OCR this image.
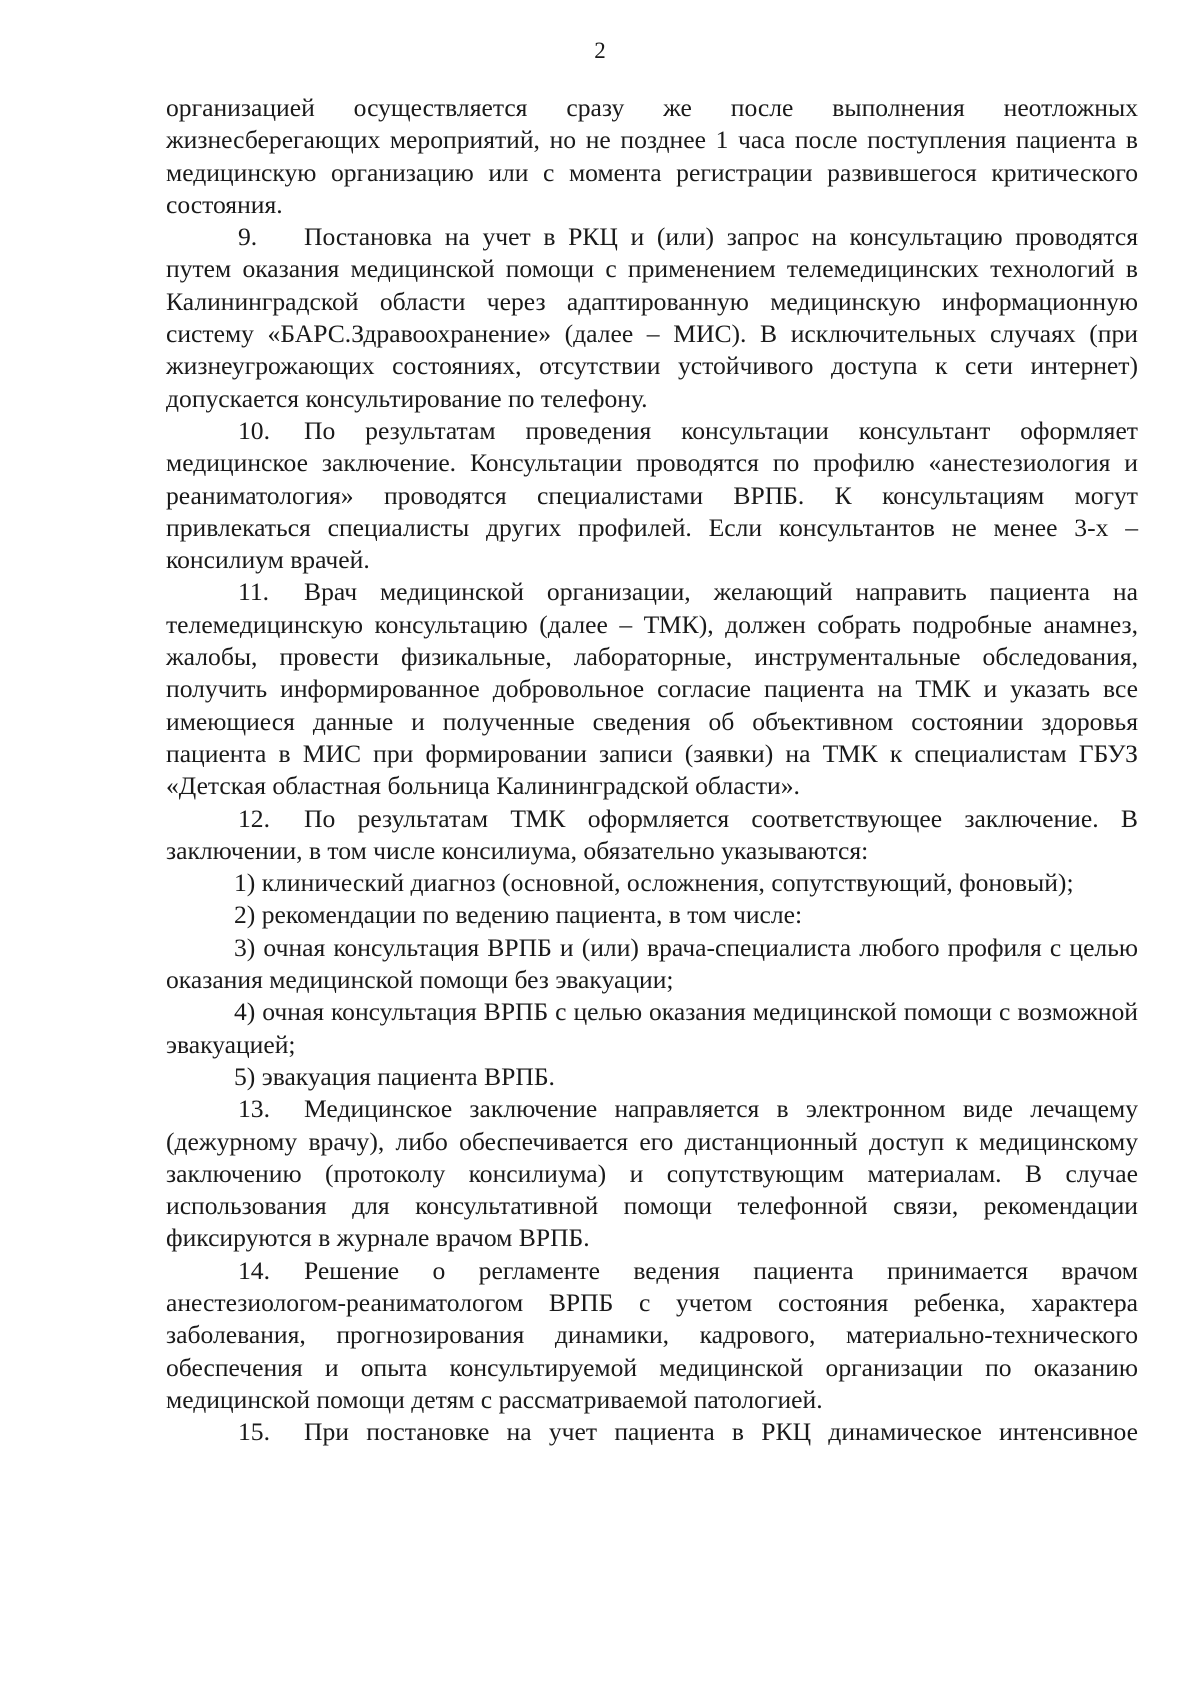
2

организацией осуществляется сразу же после выполнения неотложных жизнесберегающих мероприятий, но не позднее 1 часа после поступления пациента в медицинскую организацию или с момента регистрации развившегося критического состояния.

9. Постановка на учет в РКЦ и (или) запрос на консультацию проводятся путем оказания медицинской помощи с применением телемедицинских технологий в Калининградской области через адаптированную медицинскую информационную систему «БАРС.Здравоохранение» (далее – МИС). В исключительных случаях (при жизнеугрожающих состояниях, отсутствии устойчивого доступа к сети интернет) допускается консультирование по телефону.

10. По результатам проведения консультации консультант оформляет медицинское заключение. Консультации проводятся по профилю «анестезиология и реаниматология» проводятся специалистами ВРПБ. К консультациям могут привлекаться специалисты других профилей. Если консультантов не менее 3-х – консилиум врачей.

11. Врач медицинской организации, желающий направить пациента на телемедицинскую консультацию (далее – ТМК), должен собрать подробные анамнез, жалобы, провести физикальные, лабораторные, инструментальные обследования, получить информированное добровольное согласие пациента на ТМК и указать все имеющиеся данные и полученные сведения об объективном состоянии здоровья пациента в МИС при формировании записи (заявки) на ТМК к специалистам ГБУЗ «Детская областная больница Калининградской области».

12. По результатам ТМК оформляется соответствующее заключение. В заключении, в том числе консилиума, обязательно указываются:

1) клинический диагноз (основной, осложнения, сопутствующий, фоновый);

2) рекомендации по ведению пациента, в том числе:

3) очная консультация ВРПБ и (или) врача-специалиста любого профиля с целью оказания медицинской помощи без эвакуации;

4) очная консультация ВРПБ с целью оказания медицинской помощи с возможной эвакуацией;

5) эвакуация пациента ВРПБ.

13. Медицинское заключение направляется в электронном виде лечащему (дежурному врачу), либо обеспечивается его дистанционный доступ к медицинскому заключению (протоколу консилиума) и сопутствующим материалам. В случае использования для консультативной помощи телефонной связи, рекомендации фиксируются в журнале врачом ВРПБ.

14. Решение о регламенте ведения пациента принимается врачом анестезиологом-реаниматологом ВРПБ с учетом состояния ребенка, характера заболевания, прогнозирования динамики, кадрового, материально-технического обеспечения и опыта консультируемой медицинской организации по оказанию медицинской помощи детям с рассматриваемой патологией.

15. При постановке на учет пациента в РКЦ динамическое интенсивное
